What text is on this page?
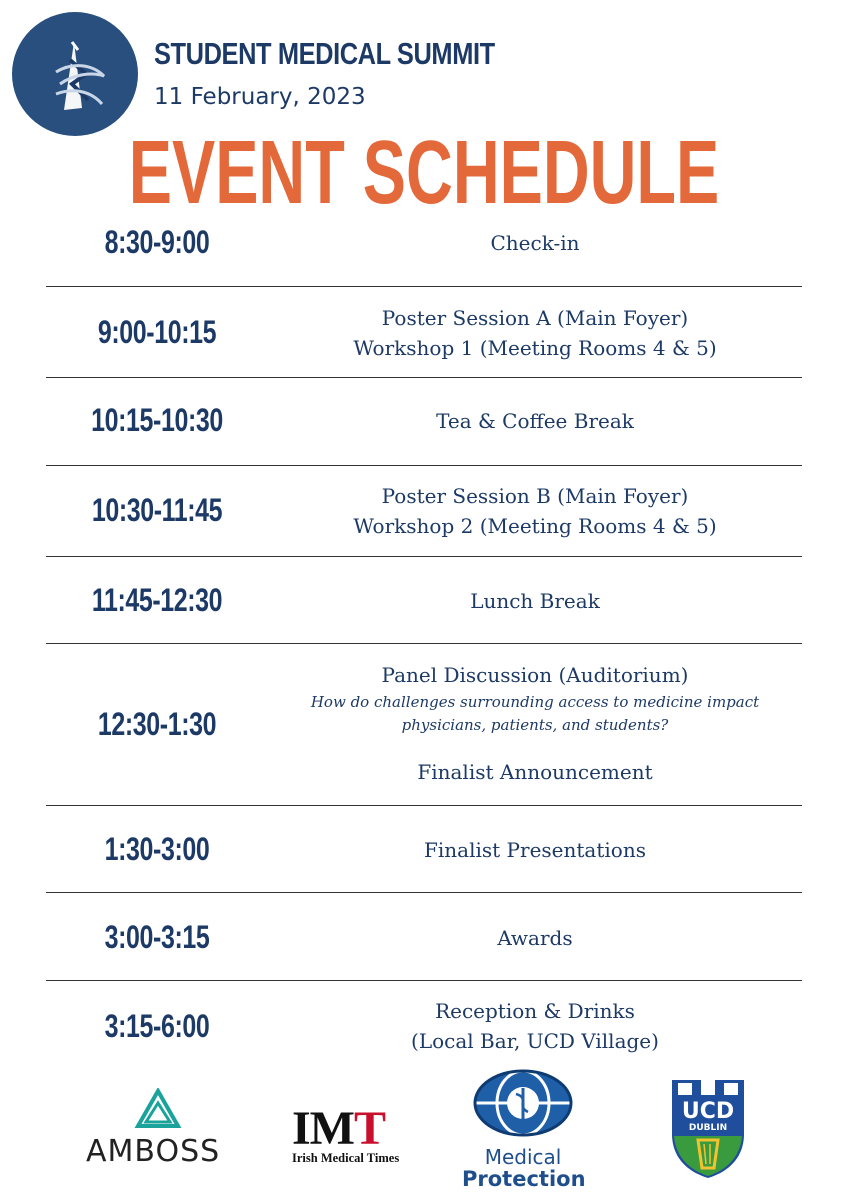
STUDENT MEDICAL SUMMIT
11 February, 2023
EVENT SCHEDULE
8:30-9:00	Check-in
9:00-10:15	Poster Session A (Main Foyer)
Workshop 1 (Meeting Rooms 4 & 5)
10:15-10:30	Tea & Coffee Break
10:30-11:45	Poster Session B (Main Foyer)
Workshop 2 (Meeting Rooms 4 & 5)
11:45-12:30	Lunch Break
12:30-1:30
Panel Discussion (Auditorium)
How do challenges surrounding access to medicine impact
physicians, patients, and students?
Finalist Announcement
1:30-3:00	Finalist Presentations
3:00-3:15	Awards
3:15-6:00	Reception & Drinks
(Local Bar, UCD Village)
AMBOSS IMT
Irish Medical Times	Medical
Protection
UCD
DUBLIN
